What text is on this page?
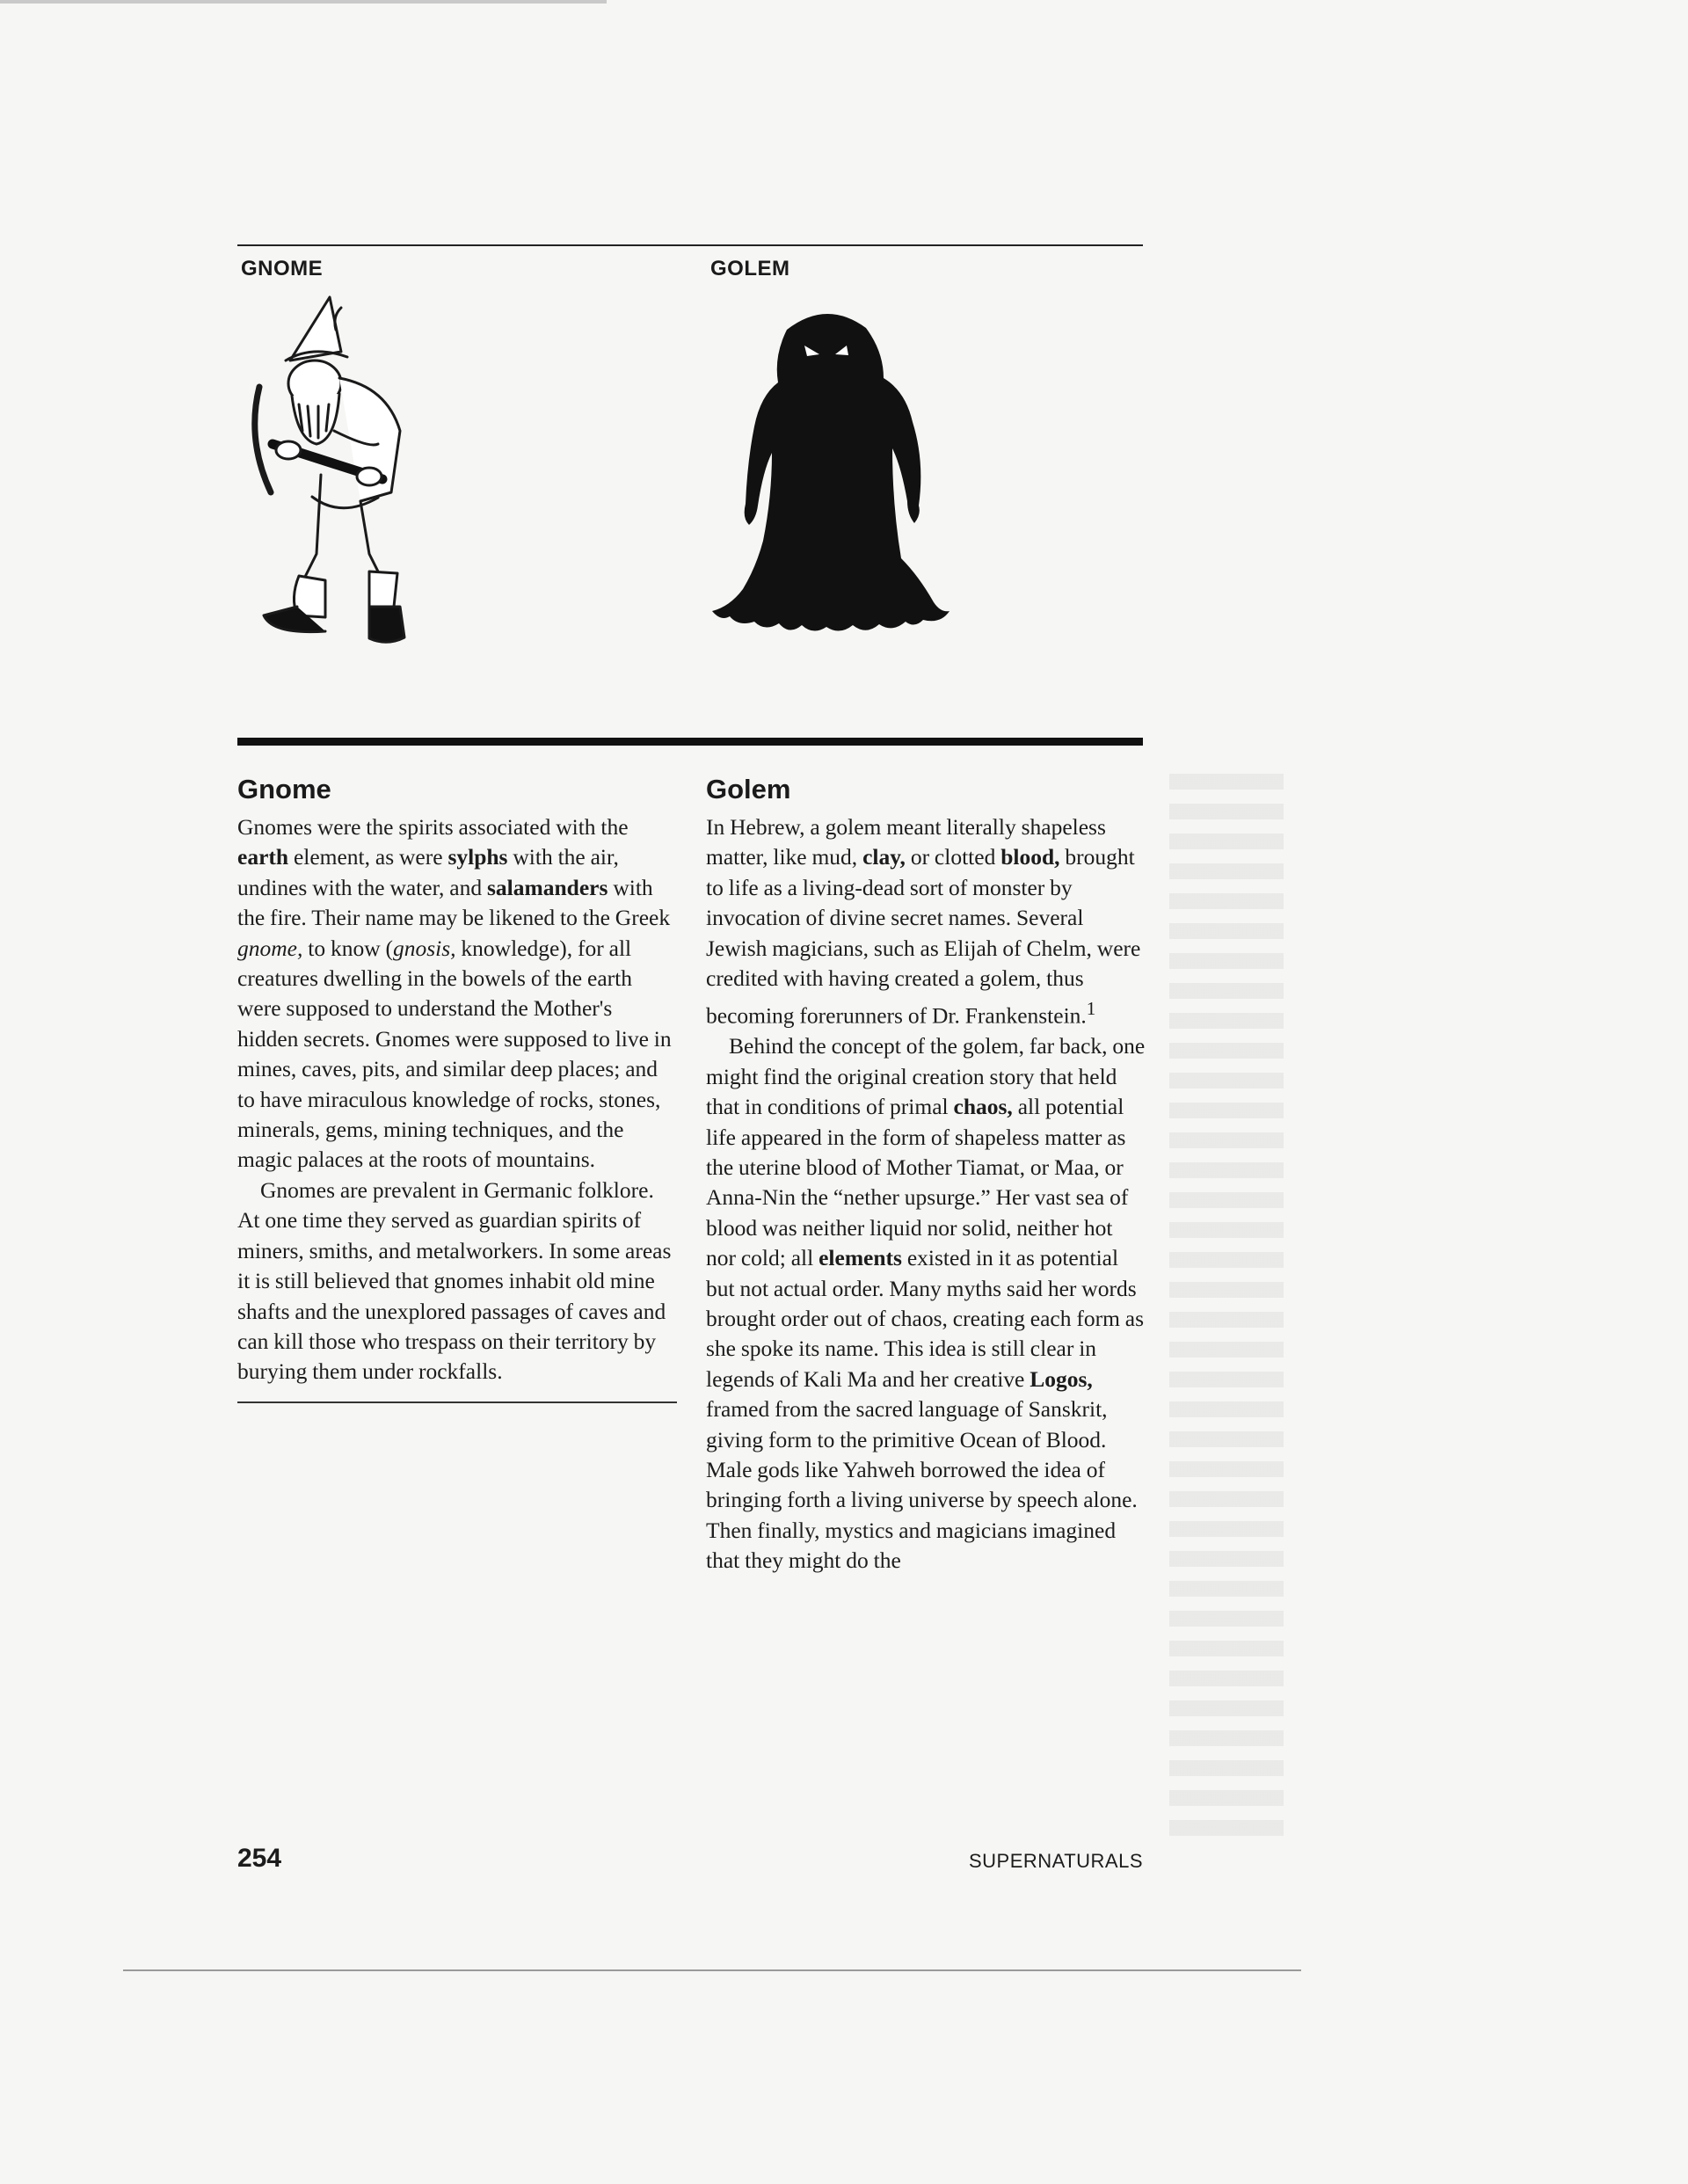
GNOME	GOLEM
Gnome

Gnomes were the spirits associated with the earth element, as were sylphs with the air, undines with the water, and salamanders with the fire. Their name may be likened to the Greek gnome, to know (gnosis, knowledge), for all creatures dwelling in the bowels of the earth were supposed to understand the Mother's hidden secrets. Gnomes were supposed to live in mines, caves, pits, and similar deep places; and to have miraculous knowledge of rocks, stones, minerals, gems, mining techniques, and the magic palaces at the roots of mountains.

Gnomes are prevalent in Germanic folklore. At one time they served as guardian spirits of miners, smiths, and metalworkers. In some areas it is still believed that gnomes inhabit old mine shafts and the unexplored passages of caves and can kill those who trespass on their territory by burying them under rockfalls.

Golem

In Hebrew, a golem meant literally shapeless matter, like mud, clay, or clotted blood, brought to life as a living-dead sort of monster by invocation of divine secret names. Several Jewish magicians, such as Elijah of Chelm, were credited with having created a golem, thus becoming forerunners of Dr. Frankenstein.$^1$

Behind the concept of the golem, far back, one might find the original creation story that held that in conditions of primal chaos, all potential life appeared in the form of shapeless matter as the uterine blood of Mother Tiamat, or Maa, or Anna-Nin the “nether upsurge.” Her vast sea of blood was neither liquid nor solid, neither hot nor cold; all elements existed in it as potential but not actual order. Many myths said her words brought order out of chaos, creating each form as she spoke its name. This idea is still clear in legends of Kali Ma and her creative Logos, framed from the sacred language of Sanskrit, giving form to the primitive Ocean of Blood. Male gods like Yahweh borrowed the idea of bringing forth a living universe by speech alone. Then finally, mystics and magicians imagined that they might do the

254	SUPERNATURALS
